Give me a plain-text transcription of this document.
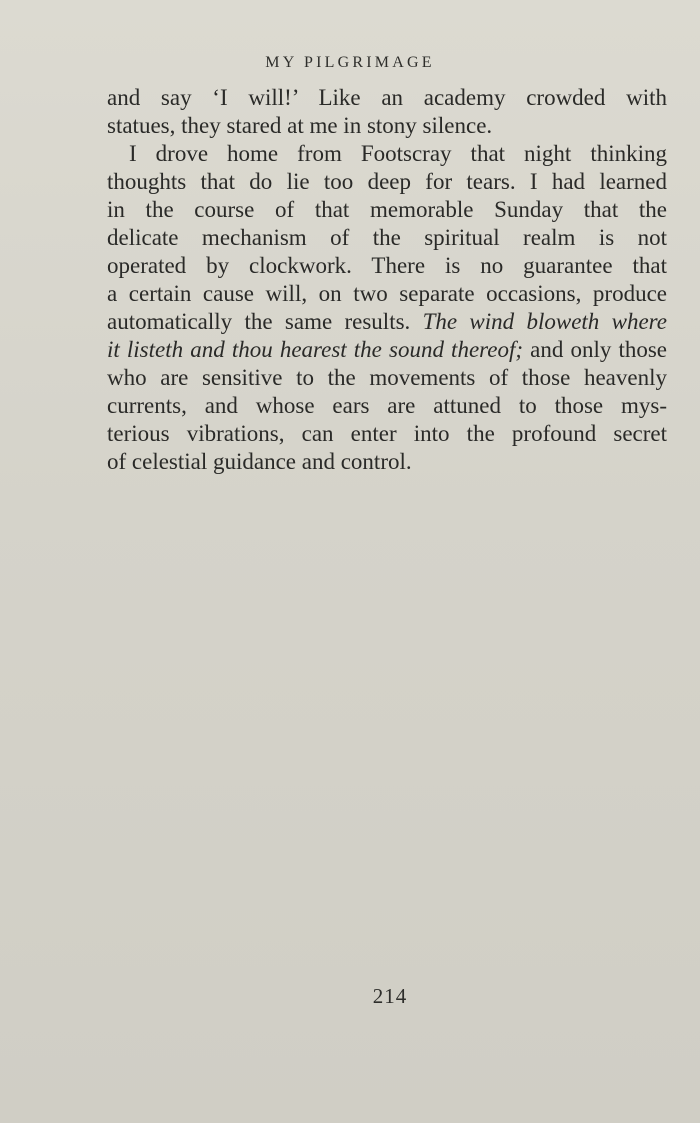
MY PILGRIMAGE
and say ‘I will!’ Like an academy crowded with
statues, they stared at me in stony silence.
I drove home from Footscray that night thinking
thoughts that do lie too deep for tears. I had learned
in the course of that memorable Sunday that the
delicate mechanism of the spiritual realm is not
operated by clockwork. There is no guarantee that
a certain cause will, on two separate occasions, produce
automatically the same results. The wind bloweth where
it listeth and thou hearest the sound thereof; and only those
who are sensitive to the movements of those heavenly
currents, and whose ears are attuned to those mys-
terious vibrations, can enter into the profound secret
of celestial guidance and control.
214
